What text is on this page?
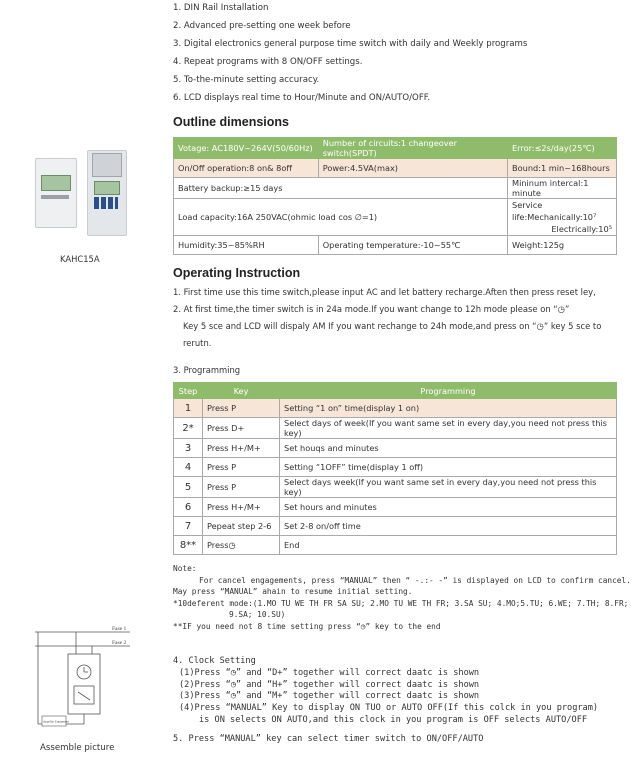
1. DIN Rail Installation
2. Advanced pre-setting one week before
3. Digital electronics general purpose time switch with daily and Weekly programs
4. Repeat programs with 8 ON/OFF settings.
5. To-the-minute setting accuracy.
6. LCD displays real time to Hour/Minute and ON/AUTO/OFF.
Outline dimensions
Votage: AC180V~264V(50/60Hz)	Number of circuits:1 changeover switch(SPDT)	Error:≤2s/day(25℃)
On/Off operation:8 on& 8off	Power:4.5VA(max)	Bound:1 min~168hours
Battery backup:≥15 days		Mininum intercal:1 minute
Load capacity:16A 250VAC(ohmic load cos ∅=1)		Service life:Mechanically:10⁷
Electrically:10⁵

Humidity:35~85%RH	Operating temperature:-10~55℃	Weight:125g
KAHC15A
Operating Instruction
1. First time use this time switch,please input AC and let battery recharge.Aften then press reset ley,
2. At first time,the timer switch is in 24a mode.If you want change to 12h mode please on “◷”
Key 5 sce and LCD will dispaly AM If you want rechange to 24h mode,and press on “◷” key 5 sce to
rerutn.
3. Programming
Step	Key	Programming
1	Press P	Setting “1 on” time(display 1 on)
2*	Press D+	Select days of week(If you want same set in every day,you need not press this key)
3	Press H+/M+	Set houqs and minutes
4	Press P	Setting “1OFF” time(display 1 off)
5	Press P	Select days week(If you want same set in every day,you need not press this key)
6	Press H+/M+	Set hours and minutes
7	Pepeat step 2-6	Set 2-8 on/off time
8**	Press◷	End
Note:
For cancel engagements, press “MANUAL” then “ -.:- -” is displayed on LCD to confirm cancel.
May press “MANUAL” ahain to resume initial setting.
*10deferent mode:(1.MO TU WE TH FR SA SU; 2.MO TU WE TH FR; 3.SA SU; 4.MO;5.TU; 6.WE; 7.TH; 8.FR;
9.SA; 10.SU)
**IF you need not 8 time setting press “◷” key to the end
4. Clock Setting
(1)Press “◷” and “D+” together will correct daatc is shown
(2)Press “◷” and “H+” together will correct daatc is shown
(3)Press “◷” and “M+” together will correct daatc is shown
(4)Press “MANUAL” Key to display ON TUO or AUTO OFF(If this colck in you program)
is ON selects ON AUTO,and this clock in you program is OFF selects AUTO/OFF
5. Press “MANUAL” key can select timer switch to ON/OFF/AUTO
Fase 1
Fase 2
Appellar Equipment
Assemble picture
